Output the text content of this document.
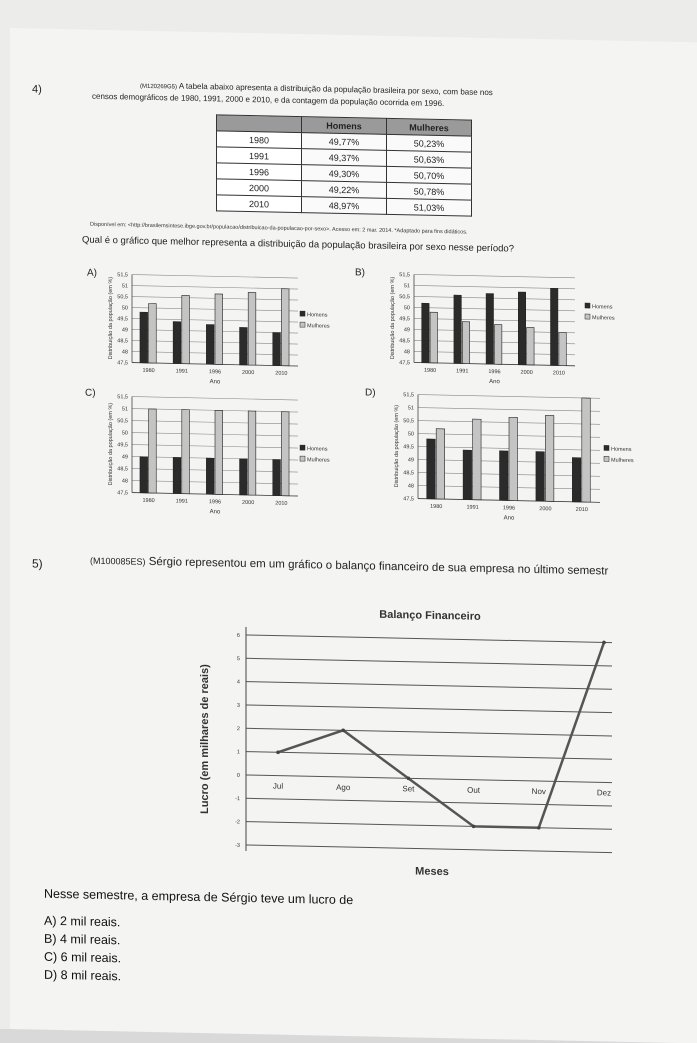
4)	(M120269G5) A tabela abaixo apresenta a distribuição da população brasileira por sexo, com base nos
censos demográficos de 1980, 1991, 2000 e 2010, e da contagem da população ocorrida em 1996.
	Homens	Mulheres
1980	49,77%	50,23%
1991	49,37%	50,63%
1996	49,30%	50,70%
2000	49,22%	50,78%
2010	48,97%	51,03%
Disponível em: <http://brasilemsintese.ibge.gov.br/populacao/distribuicao-da-populacao-por-sexo>. Acesso em: 2 mar. 2014. *Adaptado para fins didáticos.
Qual é o gráfico que melhor representa a distribuição da população brasileira por sexo nesse período?
A)	B)
C)	D)
51,5
51
50,5
50
49,5
49
48,5
48
47,5
1980	1991	1996	2000	2010
Ano
Distribuição da população (em %)	Homens
Mulheres
51,5
51
50,5
50
49,5
49
48,5
48
47,5
1980	1991	1996	2000	2010
Ano
Distribuição da população (em %)	Homens
Mulheres
51,5
51
50,5
50
49,5
49
48,5
48
47,5
1980	1991	1996	2000	2010
Ano
Distribuição da população (em %)	Homens
Mulheres
51,5
51
50,5
50
49,5
49
48,5
48
47,5
1980	1991	1996	2000	2010
Ano
Distribuição da população (em %)	Homens
Mulheres
5)	(M100085ES) Sérgio representou em um gráfico o balanço financeiro de sua empresa no último semestr
Balanço Financeiro
6
5
4
3
2
1
0
-1
-2
-3
Jul	Ago	Set	Out	Nov	Dez
Meses
Lucro (em milhares de reais)
Nesse semestre, a empresa de Sérgio teve um lucro de
A) 2 mil reais.
B) 4 mil reais.
C) 6 mil reais.
D) 8 mil reais.
